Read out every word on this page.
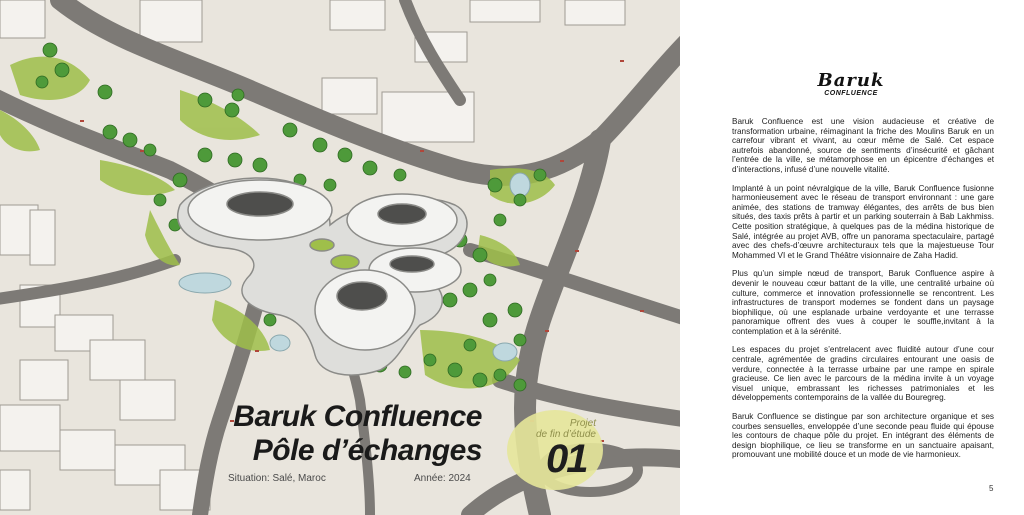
Baruk Confluence
Pôle d’échanges
Situation: Salé, Maroc	Année: 2024
Projet
de fin d’étude
01
Baruk
CONFLUENCE

Baruk Confluence est une vision audacieuse et créative de transformation urbaine, réimaginant la friche des Moulins Baruk en un carrefour vibrant et vivant, au cœur même de Salé. Cet espace autrefois abandonné, source de sentiments d’insécurité et gâchant l’entrée de la ville, se métamorphose en un épicentre d’échanges et d’interactions, infusé d’une nouvelle vitalité.

Implanté à un point névralgique de la ville, Baruk Confluence fusionne harmonieusement avec le réseau de transport environnant : une gare animée, des stations de tramway élégantes, des arrêts de bus bien situés, des taxis prêts à partir et un parking souterrain à Bab Lakhmiss. Cette position stratégique, à quelques pas de la médina historique de Salé, intégrée au projet AVB, offre un panorama spectaculaire, partagé avec des chefs-d’œuvre architecturaux tels que la majestueuse Tour Mohammed VI et le Grand Théâtre visionnaire de Zaha Hadid.

Plus qu’un simple nœud de transport, Baruk Confluence aspire à devenir le nouveau cœur battant de la ville, une centralité urbaine où culture, commerce et innovation professionnelle se rencontrent. Les infrastructures de transport modernes se fondent dans un paysage biophilique, où une esplanade urbaine verdoyante et une terrasse panoramique offrent des vues à couper le souffle,invitant à la contemplation et à la sérénité.

Les espaces du projet s’entrelacent avec fluidité autour d’une cour centrale, agrémentée de gradins circulaires entourant une oasis de verdure, connectée à la terrasse urbaine par une rampe en spirale gracieuse. Ce lien avec le parcours de la médina invite à un voyage visuel unique, embrassant les richesses patrimoniales et les développements contemporains de la vallée du Bouregreg.

Baruk Confluence se distingue par son architecture organique et ses courbes sensuelles, enveloppée d’une seconde peau fluide qui épouse les contours de chaque pôle du projet. En intégrant des éléments de design biophilique, ce lieu se transforme en un sanctuaire apaisant, promouvant une mobilité douce et un mode de vie harmonieux.

5
